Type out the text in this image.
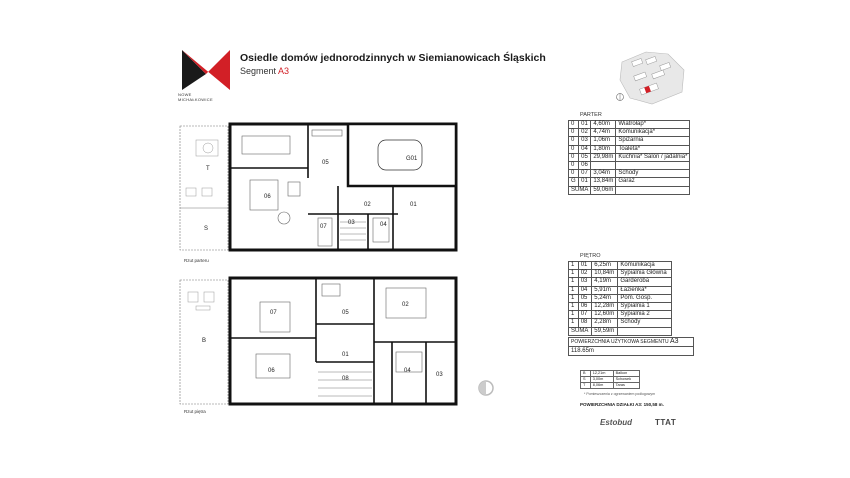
NOWE
MICHAŁKOWICE
Osiedle domów jednorodzinnych w Siemianowicach Śląskich
Segment A3
T
S
06
05
G01
07
03
02	01
04
Rzut parteru
B
07	05
02
06
01
08
04
03
Rzut piętra
PARTER
0	01	4,60m	Wiatrołap*
0	02	4,74m	Komunikacja*
0	03	1,06m	Spiżarnia
0	04	1,80m	Toaleta*
0	05	29,98m	Kuchnia* Salon / jadalnia*
0	06		
0	07	3,04m	Schody
G	01	13,84m	Garaż
SUMA		59,06m	
PIĘTRO
1	01	6,25m	Komunikacja
1	02	10,84m	Sypialnia Główna
1	03	4,19m	Garderoba
1	04	5,91m	Łazienka*
1	05	5,24m	Pom. Gosp.
1	06	12,28m	Sypialnia 1
1	07	12,60m	Sypialnia 2
1	08	2,28m	Schody
SUMA		59,59m	
POWIERZCHNIA UŻYTKOWA SEGMENTU A3
118.65m
B	12,21m	Balkon
S	3,00m	Schowek
T	8,06m	Taras
* Pomieszczenia z ogrzewaniem podłogowym
POWIERZCHNIA DZIAŁKI A3: 150,58 m.
Estobud	TTAT
